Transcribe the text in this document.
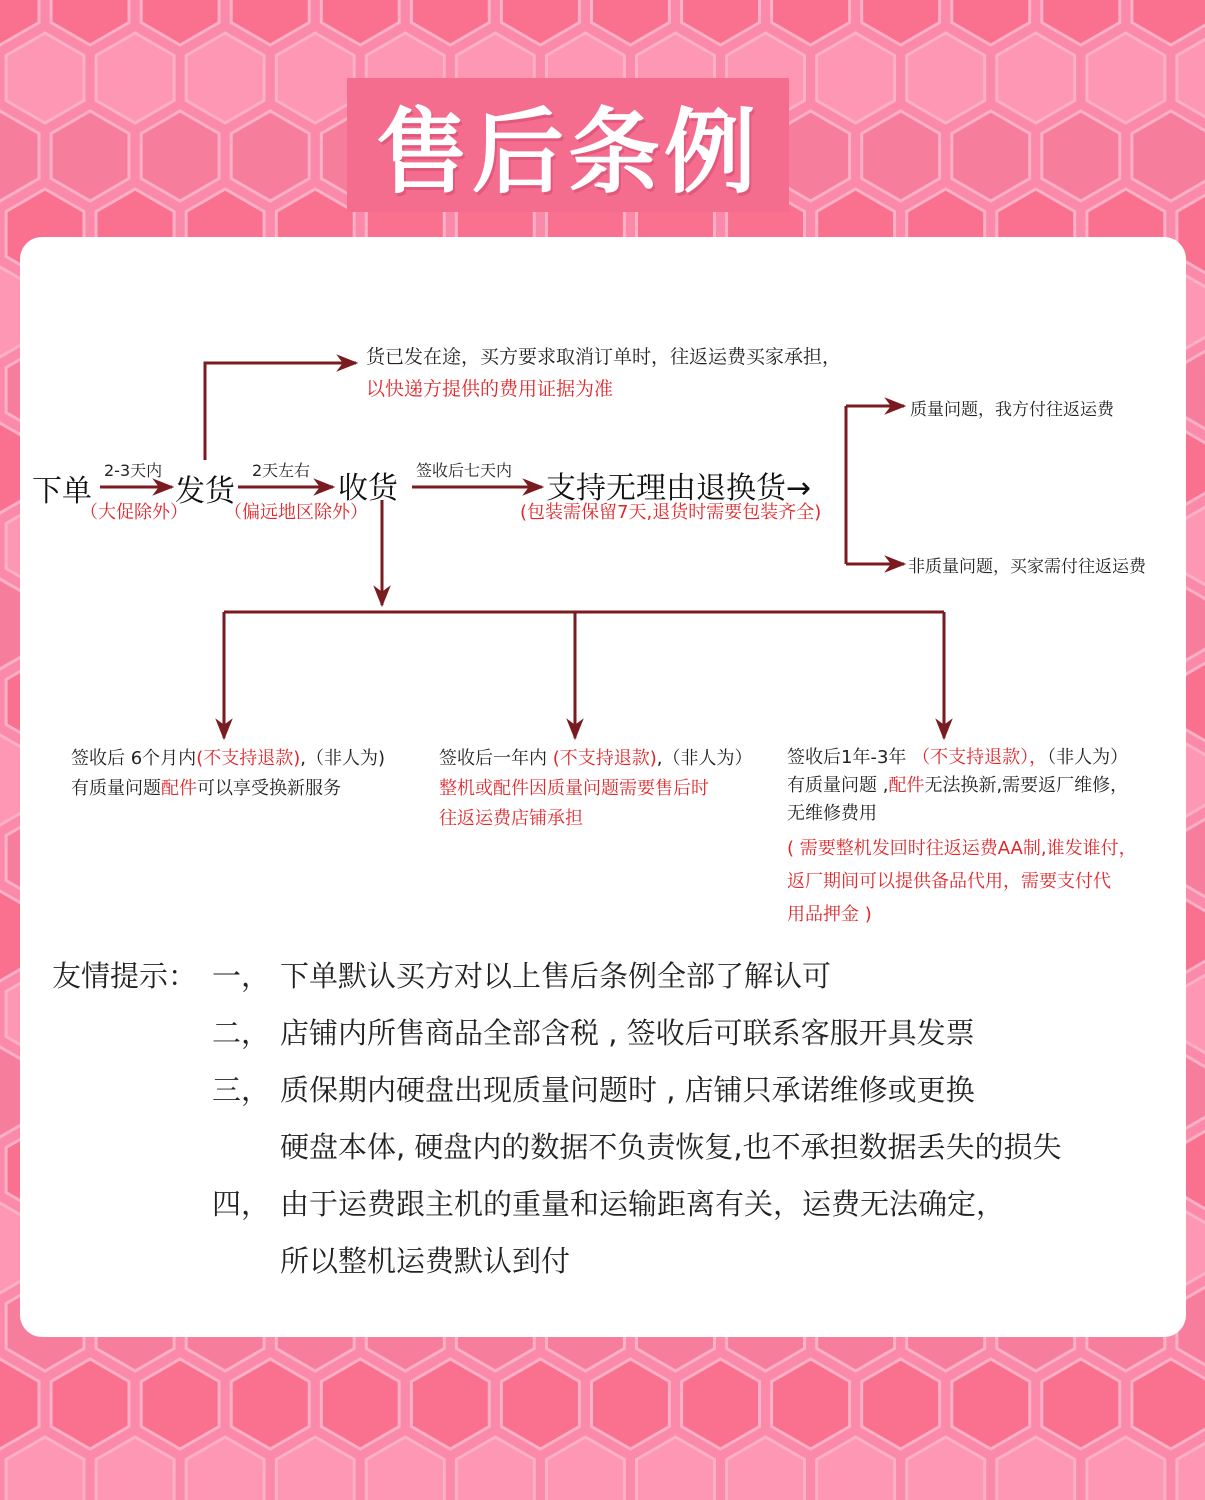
售后条例
下单	发货	收货	支持无理由退换货→
2-3天内	2天左右	签收后七天内
（大促除外） （偏远地区除外）	(包装需保留7天,退货时需要包装齐全)
货已发在途，买方要求取消订单时，往返运费买家承担，
以快递方提供的费用证据为准
质量问题，我方付往返运费
非质量问题，买家需付往返运费
签收后 6个月内(不支持退款),（非人为)
有质量问题配件可以享受换新服务
签收后一年内 (不支持退款),（非人为）
整机或配件因质量问题需要售后时
往返运费店铺承担
签收后1年-3年 （不支持退款），（非人为）
有质量问题 ,配件无法换新,需要返厂维修，
无维修费用
( 需要整机发回时往返运费AA制,谁发谁付，
返厂期间可以提供备品代用，需要支付代
用品押金 )
友情提示： 一， 下单默认买方对以上售后条例全部了解认可
二， 店铺内所售商品全部含税 , 签收后可联系客服开具发票
三， 质保期内硬盘出现质量问题时 , 店铺只承诺维修或更换
硬盘本体, 硬盘内的数据不负责恢复,也不承担数据丢失的损失
四， 由于运费跟主机的重量和运输距离有关，运费无法确定，
所以整机运费默认到付
